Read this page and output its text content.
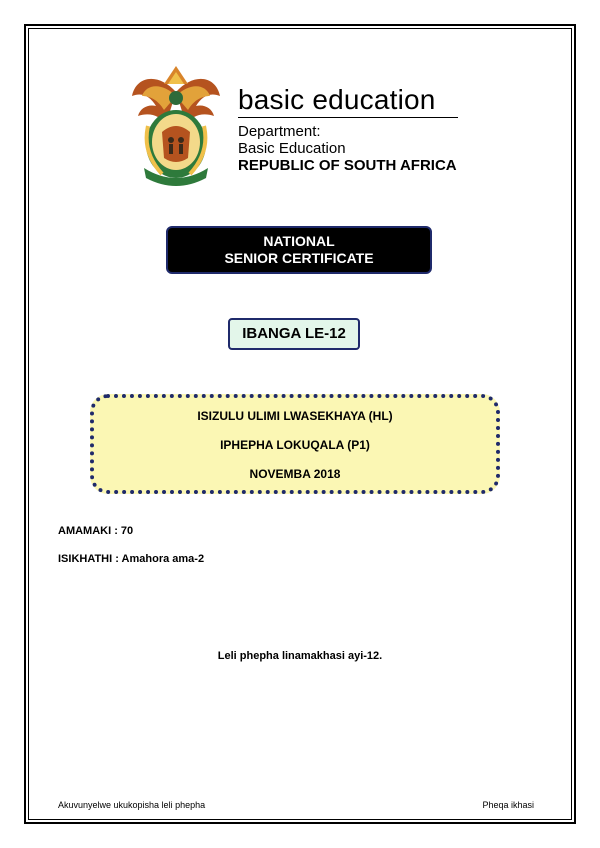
basic education
Department:
Basic Education
REPUBLIC OF SOUTH AFRICA
NATIONAL
SENIOR CERTIFICATE
IBANGA LE-12
ISIZULU ULIMI LWASEKHAYA (HL)
IPHEPHA LOKUQALA (P1)
NOVEMBA 2018
AMAMAKI : 70
ISIKHATHI : Amahora ama-2
Leli phepha linamakhasi ayi-12.
Akuvunyelwe ukukopisha leli phepha	Pheqa ikhasi
